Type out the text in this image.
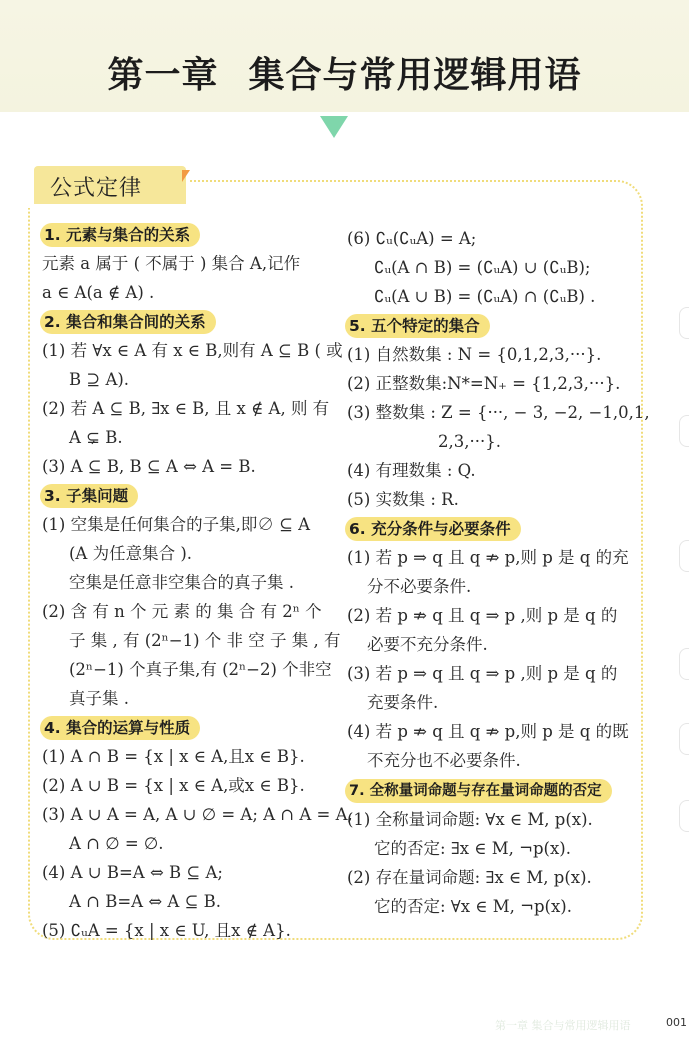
第一章 集合与常用逻辑用语
公式定律
1. 元素与集合的关系
元素 a 属于 ( 不属于 ) 集合 A,记作
a ∈ A(a ∉ A) .
2. 集合和集合间的关系
(1) 若 ∀x ∈ A 有 x ∈ B,则有 A ⊆ B ( 或
B ⊇ A).
(2) 若 A ⊆ B, ∃x ∈ B, 且 x ∉ A, 则 有
A ⊊ B.
(3) A ⊆ B, B ⊆ A ⇔ A = B.
3. 子集问题
(1) 空集是任何集合的子集,即∅ ⊆ A
(A 为任意集合 ).
空集是任意非空集合的真子集 .
(2) 含 有 n 个 元 素 的 集 合 有 2ⁿ 个
子 集 , 有 (2ⁿ−1) 个 非 空 子 集 , 有
(2ⁿ−1) 个真子集,有 (2ⁿ−2) 个非空
真子集 .
4. 集合的运算与性质
(1) A ∩ B = {x | x ∈ A,且x ∈ B}.
(2) A ∪ B = {x | x ∈ A,或x ∈ B}.
(3) A ∪ A = A, A ∪ ∅ = A; A ∩ A = A,
A ∩ ∅ = ∅.
(4) A ∪ B=A ⇔ B ⊆ A;
A ∩ B=A ⇔ A ⊆ B.
(5) ∁ᵤA = {x | x ∈ U, 且x ∉ A}.
(6) ∁ᵤ(∁ᵤA) = A;
∁ᵤ(A ∩ B) = (∁ᵤA) ∪ (∁ᵤB);
∁ᵤ(A ∪ B) = (∁ᵤA) ∩ (∁ᵤB) .
5. 五个特定的集合
(1) 自然数集 : N = {0,1,2,3,···}.
(2) 正整数集:N*=N₊ = {1,2,3,···}.
(3) 整数集 : Z = {···, − 3, −2, −1,0,1,
2,3,···}.
(4) 有理数集 : Q.
(5) 实数集 : R.
6. 充分条件与必要条件
(1) 若 p ⇒ q 且 q ⇏ p,则 p 是 q 的充
分不必要条件.
(2) 若 p ⇏ q 且 q ⇒ p ,则 p 是 q 的
必要不充分条件.
(3) 若 p ⇒ q 且 q ⇒ p ,则 p 是 q 的
充要条件.
(4) 若 p ⇏ q 且 q ⇏ p,则 p 是 q 的既
不充分也不必要条件.
7. 全称量词命题与存在量词命题的否定
(1) 全称量词命题: ∀x ∈ M, p(x).
它的否定: ∃x ∈ M, ¬p(x).
(2) 存在量词命题: ∃x ∈ M, p(x).
它的否定: ∀x ∈ M, ¬p(x).
第一章 集合与常用逻辑用语	001
